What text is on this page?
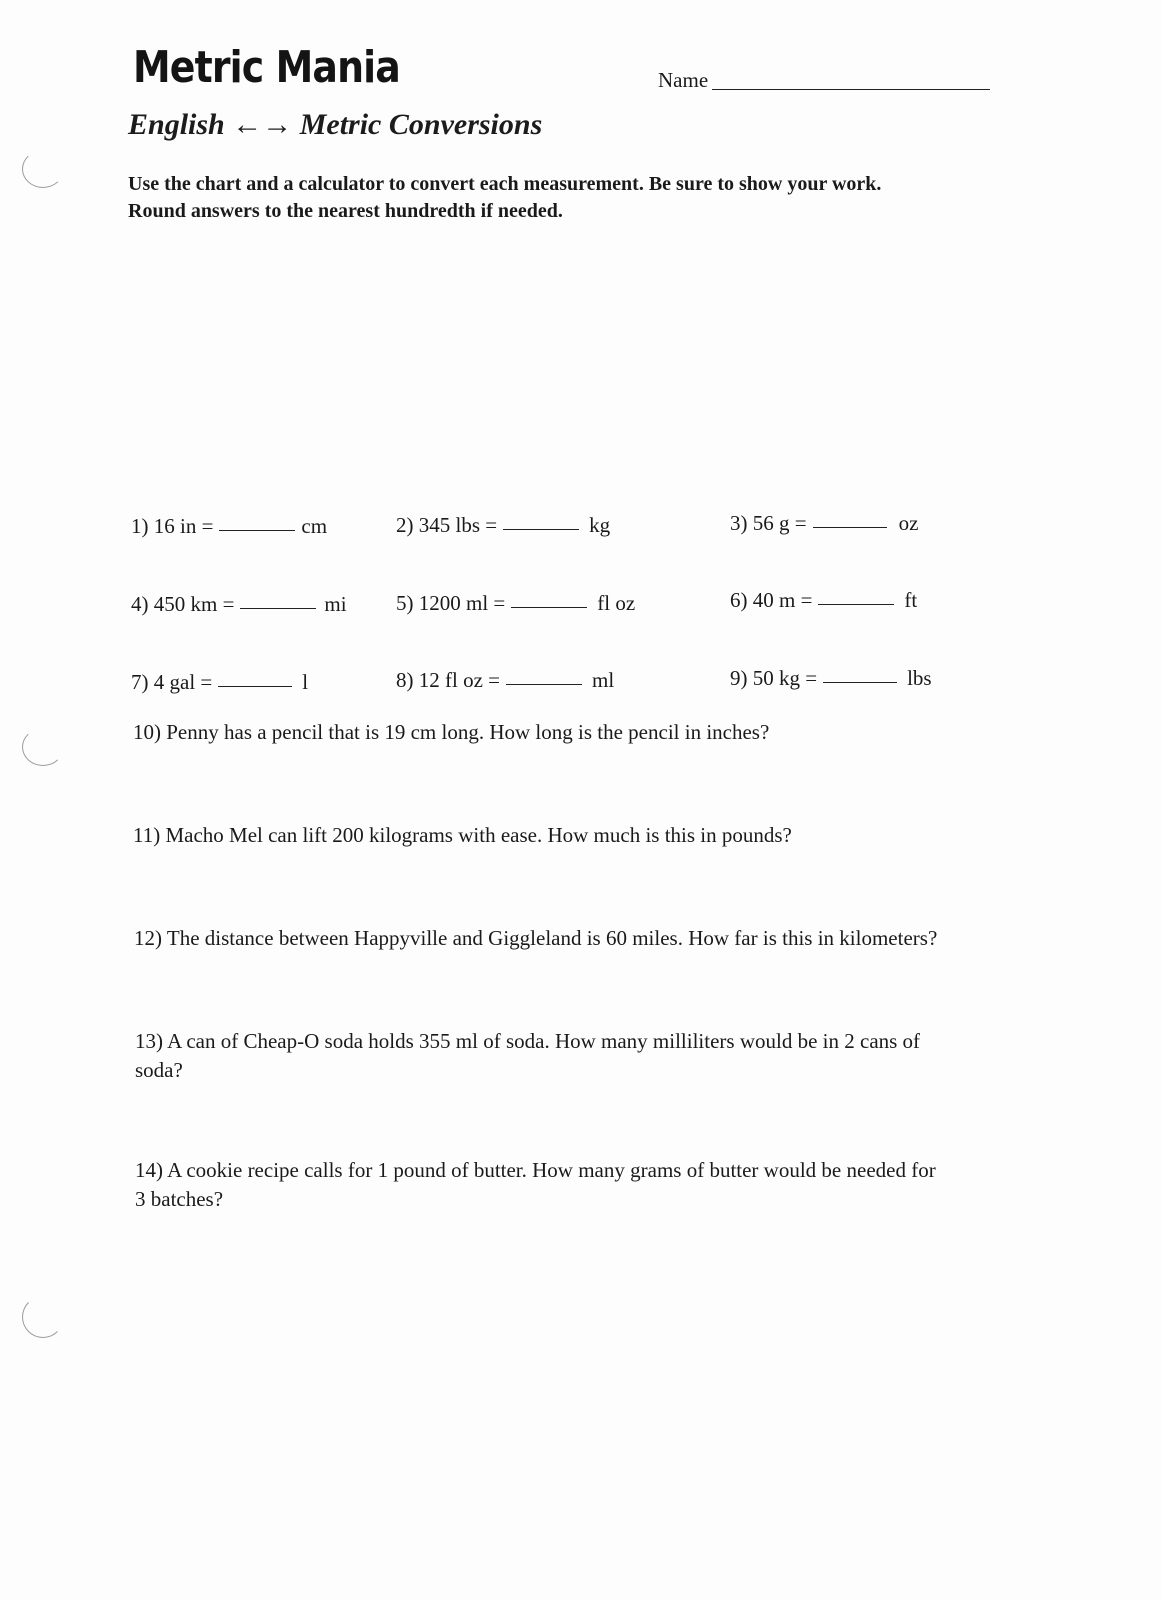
Metric Mania	Name
English ←→ Metric Conversions
Use the chart and a calculator to convert each measurement. Be sure to show your work.
Round answers to the nearest hundredth if needed.
1) 16 in =	cm	2) 345 lbs =	kg	3) 56 g =	oz
4) 450 km =	mi 5) 1200 ml =	fl oz	6) 40 m =	ft
7) 4 gal =	l	8) 12 fl oz =	ml	9) 50 kg =	lbs
10) Penny has a pencil that is 19 cm long. How long is the pencil in inches?
11) Macho Mel can lift 200 kilograms with ease. How much is this in pounds?
12) The distance between Happyville and Giggleland is 60 miles. How far is this in kilometers?
13) A can of Cheap-O soda holds 355 ml of soda. How many milliliters would be in 2 cans of
soda?
14) A cookie recipe calls for 1 pound of butter. How many grams of butter would be needed for
3 batches?
